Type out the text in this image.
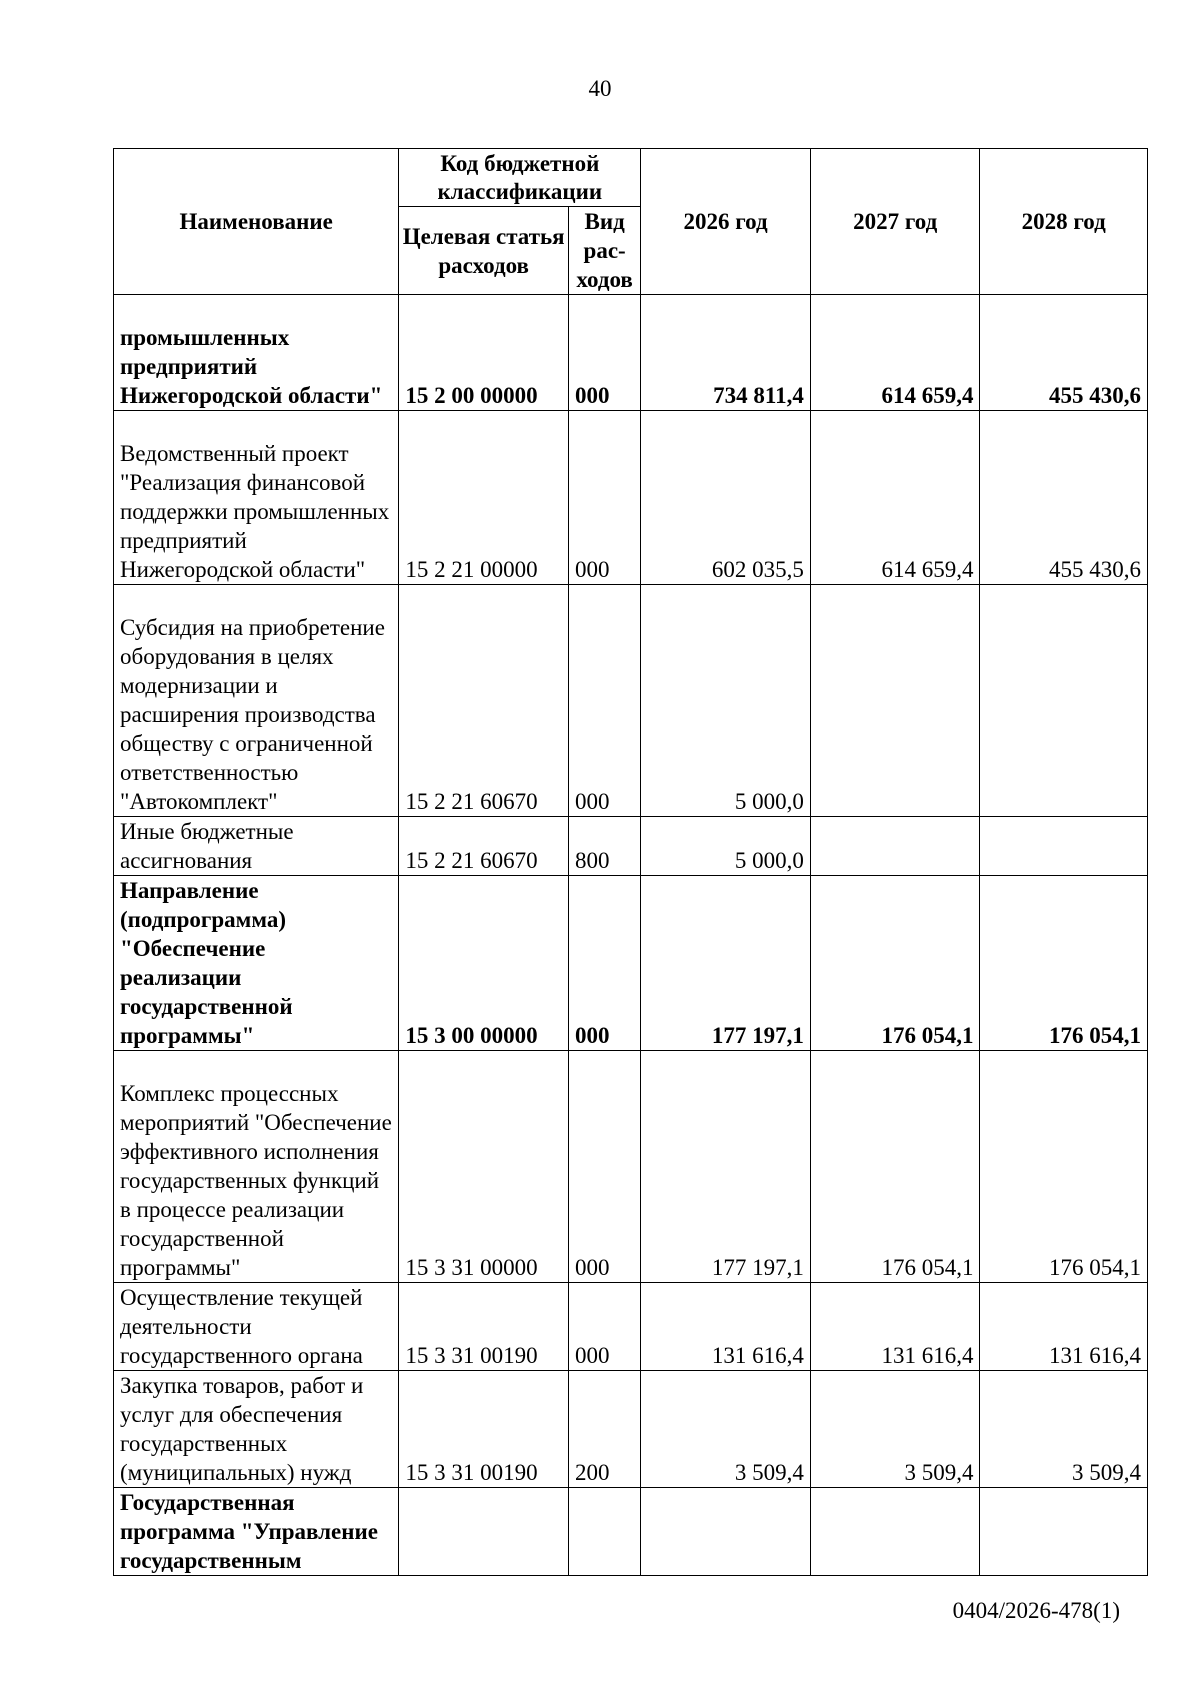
40
Наименование	Код бюджетной классификации		2026 год	2027 год	2028 год
	Целевая статья расходов	Вид рас-ходов			
промышленных предприятий Нижегородской области"	15 2 00 00000	000	734 811,4	614 659,4	455 430,6
Ведомственный проект "Реализация финансовой поддержки промышленных предприятий Нижегородской области"	15 2 21 00000	000	602 035,5	614 659,4	455 430,6
Субсидия на приобретение оборудования в целях модернизации и расширения производства обществу с ограниченной ответственностью "Автокомплект"	15 2 21 60670	000	5 000,0		
Иные бюджетные ассигнования	15 2 21 60670	800	5 000,0		
Направление (подпрограмма) "Обеспечение реализации государственной программы"	15 3 00 00000	000	177 197,1	176 054,1	176 054,1
Комплекс процессных мероприятий "Обеспечение эффективного исполнения государственных функций в процессе реализации государственной программы"	15 3 31 00000	000	177 197,1	176 054,1	176 054,1
Осуществление текущей деятельности государственного органа	15 3 31 00190	000	131 616,4	131 616,4	131 616,4
Закупка товаров, работ и услуг для обеспечения государственных (муниципальных) нужд	15 3 31 00190	200	3 509,4	3 509,4	3 509,4
Государственная программа "Управление государственным					
0404/2026-478(1)
